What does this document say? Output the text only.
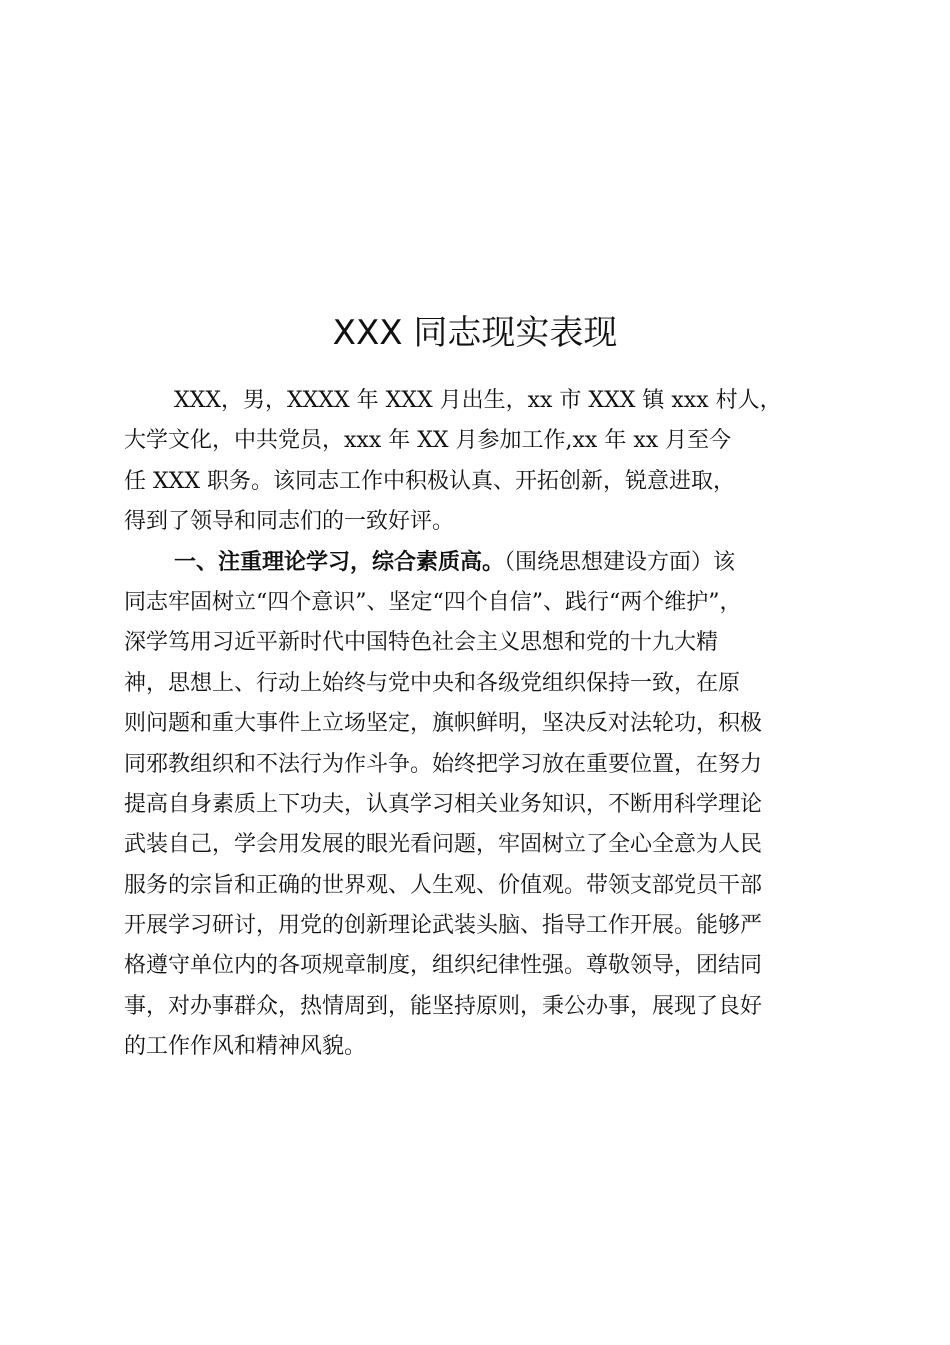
XXX 同志现实表现
XXX，男，XXXX 年 XXX 月出生，xx 市 XXX 镇 xxx 村人，
大学文化，中共党员，xxx 年 XX 月参加工作,xx 年 xx 月至今
任 XXX 职务。该同志工作中积极认真、开拓创新，锐意进取，
得到了领导和同志们的一致好评。
一、注重理论学习，综合素质高。（围绕思想建设方面）该
同志牢固树立“四个意识”、坚定“四个自信”、践行“两个维护”，
深学笃用习近平新时代中国特色社会主义思想和党的十九大精
神，思想上、行动上始终与党中央和各级党组织保持一致，在原
则问题和重大事件上立场坚定，旗帜鲜明，坚决反对法轮功，积极
同邪教组织和不法行为作斗争。始终把学习放在重要位置，在努力
提高自身素质上下功夫，认真学习相关业务知识，不断用科学理论
武装自己，学会用发展的眼光看问题，牢固树立了全心全意为人民
服务的宗旨和正确的世界观、人生观、价值观。带领支部党员干部
开展学习研讨，用党的创新理论武装头脑、指导工作开展。能够严
格遵守单位内的各项规章制度，组织纪律性强。尊敬领导，团结同
事，对办事群众，热情周到，能坚持原则，秉公办事，展现了良好
的工作作风和精神风貌。
